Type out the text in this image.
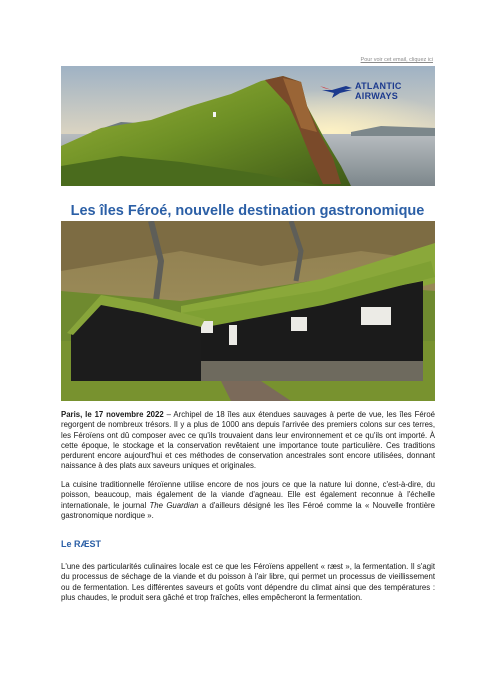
Pour voir cet email, cliquez ici
ATLANTIC AIRWAYS
Les îles Féroé, nouvelle destination gastronomique

Paris, le 17 novembre 2022 – Archipel de 18 îles aux étendues sauvages à perte de vue, les îles Féroé regorgent de nombreux trésors. Il y a plus de 1000 ans depuis l'arrivée des premiers colons sur ces terres, les Féroïens ont dû composer avec ce qu'ils trouvaient dans leur environnement et ce qu'ils ont importé. À cette époque, le stockage et la conservation revêtaient une importance toute particulière. Ces traditions perdurent encore aujourd'hui et ces méthodes de conservation ancestrales sont encore utilisées, donnant naissance à des plats aux saveurs uniques et originales.

La cuisine traditionnelle féroïenne utilise encore de nos jours ce que la nature lui donne, c'est-à-dire, du poisson, beaucoup, mais également de la viande d'agneau. Elle est également reconnue à l'échelle internationale, le journal The Guardian a d'ailleurs désigné les îles Féroé comme la « Nouvelle frontière gastronomique nordique ».

Le RÆST

L'une des particularités culinaires locale est ce que les Féroïens appellent « ræst », la fermentation. Il s'agit du processus de séchage de la viande et du poisson à l'air libre, qui permet un processus de vieillissement ou de fermentation. Les différentes saveurs et goûts vont dépendre du climat ainsi que des températures : plus chaudes, le produit sera gâché et trop fraîches, elles empêcheront la fermentation.
